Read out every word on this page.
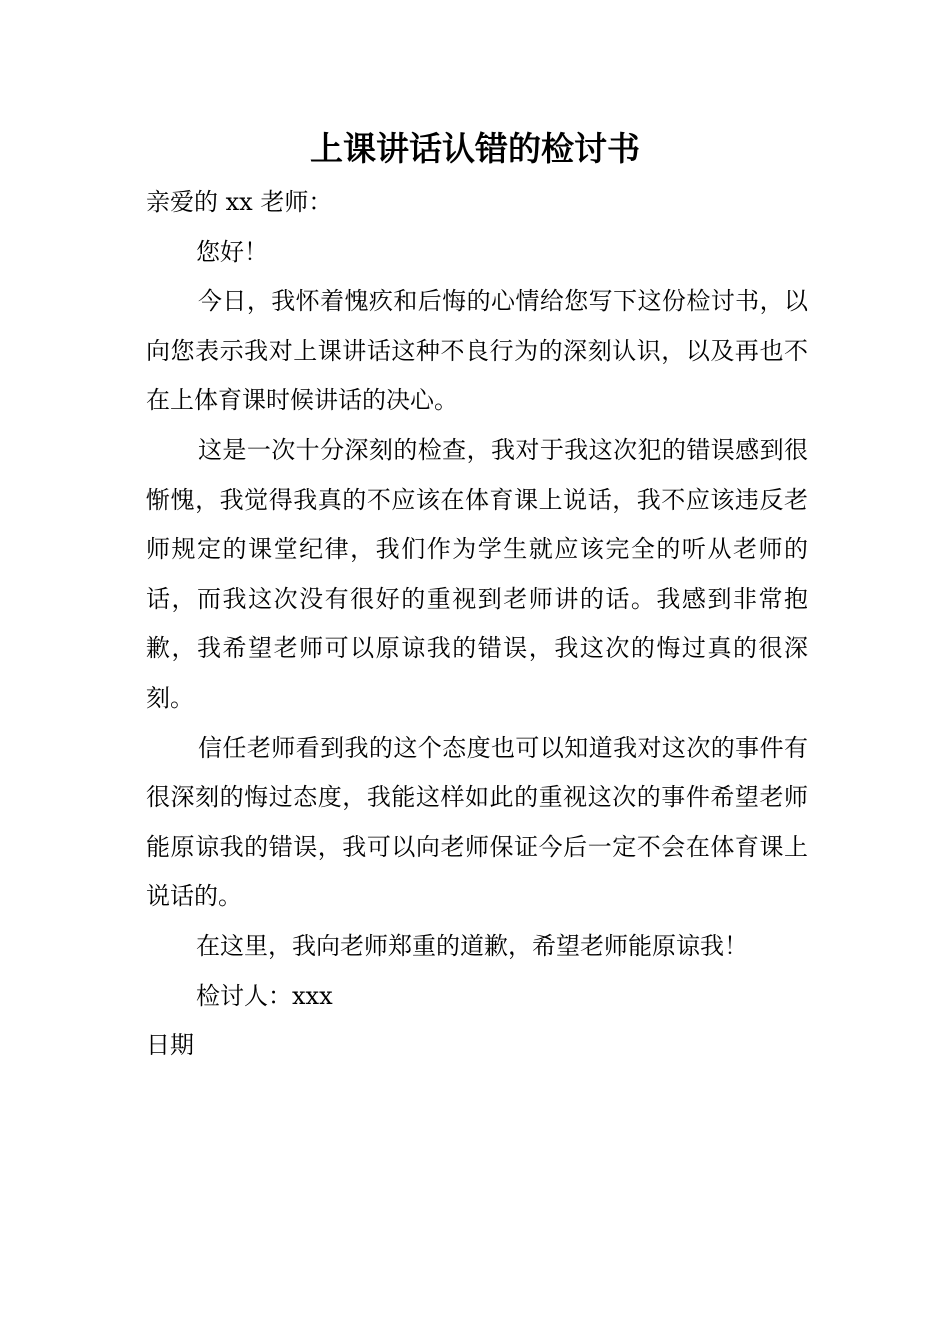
上课讲话认错的检讨书
亲爱的 xx 老师：
您好！
今日，我怀着愧疚和后悔的心情给您写下这份检讨书，以向您表示我对上课讲话这种不良行为的深刻认识，以及再也不在上体育课时候讲话的决心。
这是一次十分深刻的检查，我对于我这次犯的错误感到很惭愧，我觉得我真的不应该在体育课上说话，我不应该违反老师规定的课堂纪律，我们作为学生就应该完全的听从老师的话，而我这次没有很好的重视到老师讲的话。我感到非常抱歉，我希望老师可以原谅我的错误，我这次的悔过真的很深刻。
信任老师看到我的这个态度也可以知道我对这次的事件有很深刻的悔过态度，我能这样如此的重视这次的事件希望老师能原谅我的错误，我可以向老师保证今后一定不会在体育课上说话的。
在这里，我向老师郑重的道歉，希望老师能原谅我！
检讨人：xxx
日期
